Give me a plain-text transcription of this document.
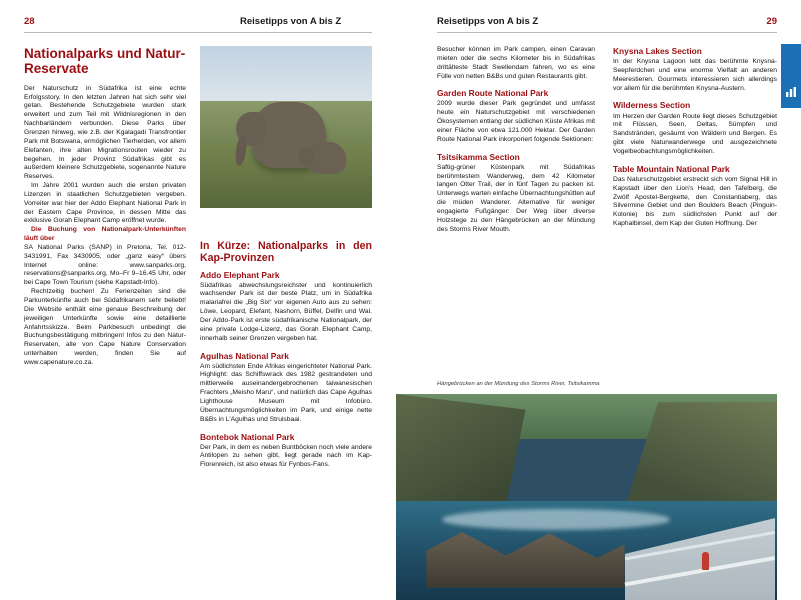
28	Reisetipps von A bis Z	Reisetipps von A bis Z	29
Nationalparks und Natur-Reservate

Der Naturschutz in Südafrika ist eine echte Erfolgsstory. In den letzten Jahren hat sich sehr viel getan. Bestehende Schutzgebiete wurden stark erweitert und zum Teil mit Wildnisregionen in den Nachbarländern verbunden. Diese Parks über Grenzen hinweg, wie z.B. der Kgalagadi Transfrontier Park mit Botswana, ermöglichen Tierherden, vor allem Elefanten, ihre alten Migrationsrouten wieder zu begehen. In jeder Provinz Südafrikas gibt es außerdem kleinere Schutzgebiete, sogenannte Nature Reserves.

Im Jahre 2001 wurden auch die ersten privaten Lizenzen in staatlichen Schutzgebieten vergeben. Vorreiter war hier der Addo Elephant National Park in der Eastern Cape Province, in dessen Mitte das exklusive Gorah Elephant Camp eröffnet wurde.

Die Buchung von Nationalpark-Unterkünften läuft über

SA National Parks (SANP) in Pretoria, Tel. 012-3431991, Fax 3430905, oder „ganz easy“ übers Internet online: www.sanparks.org, reservations@sanparks.org, Mo–Fr 9–16.45 Uhr, oder bei Cape Town Tourism (siehe Kapstadt-Info).

Rechtzeitig buchen! Zu Ferienzeiten sind die Parkunterkünfte auch bei Südafrikanern sehr beliebt! Die Website enthält eine genaue Beschreibung der jeweiligen Unterkünfte sowie eine detaillierte Anfahrtsskizze. Beim Parkbesuch unbedingt die Buchungsbestätigung mitbringen! Infos zu den Natur-Reservaten, alle von Cape Nature Conservation unterhalten werden, finden Sie auf www.capenature.co.za.

In Kürze: Nationalparks in den Kap-Provinzen
Addo Elephant Park

Südafrikas abwechslungsreichster und kontinuierlich wachsender Park ist der beste Platz, um in Südafrika malariafrei die „Big Six“ vor eigenen Auto aus zu sehen: Löwe, Leopard, Elefant, Nashorn, Büffel, Delfin und Wal. Der Addo-Park ist erste südafrikanische Nationalpark, der eine private Lodge-Lizenz, das Gorah Elephant Camp, innerhalb seiner Grenzen vergeben hat.

Agulhas National Park

Am südlichsten Ende Afrikas eingerichteter National Park. Highlight: das Schiffswrack des 1982 gestrandeten und mittlerweile auseinandergebrochenen taiwanesischen Frachters „Meisho Maru“, und natürlich das Cape Agulhas Lighthouse Museum mit Infobüro. Übernachtungsmöglichkeiten im Park, und einige nette B&Bs in L'Agulhas und Struisbaai.

Bontebok National Park

Der Park, in dem es neben Buntböcken noch viele andere Antilopen zu sehen gibt, liegt gerade nach im Kap-Florenreich, ist also etwas für Fynbos-Fans.

Besucher können im Park campen, einen Caravan mieten oder die sechs Kilometer bis in Südafrikas drittälteste Stadt Swellendam fahren, wo es eine Fülle von netten B&Bs und guten Restaurants gibt.

Garden Route National Park

2009 wurde dieser Park gegründet und umfasst heute ein Naturschutzgebiet mit verschiedenen Ökosystemen entlang der südlichen Küste Afrikas mit einer Fläche von etwa 121.000 Hektar. Der Garden Route National Park inkorporiert folgende Sektionen:

Tsitsikamma Section

Saftig-grüner Küstenpark mit Südafrikas berühmtestem Wanderweg, dem 42 Kilometer langen Otter Trail, der in fünf Tagen zu packen ist. Unterwegs warten einfache Übernachtungshütten auf die müden Wanderer. Alternative für weniger engagierte Fußgänger: Der Weg über diverse Holzstege zu den Hängebrücken an der Mündung des Storms River Mouth.

Knysna Lakes Section

In der Knysna Lagoon lebt das berühmte Knysna-Seepferdchen und eine enorme Vielfalt an anderen Meerestieren. Gourmets interessieren sich allerdings vor allem für die berühmten Knysna-Austern.

Wilderness Section

Im Herzen der Garden Route liegt dieses Schutzgebiet mit Flüssen, Seen, Deltas, Sümpfen und Sandstränden, gesäumt von Wäldern und Bergen. Es gibt viele Naturwanderwege und ausgezeichnete Vogelbeobachtungsmöglichkeiten.

Table Mountain National Park

Das Naturschutzgebiet erstreckt sich vom Signal Hill in Kapstadt über den Lion's Head, den Tafelberg, die Zwölf Apostel-Bergkette, den Constantiaberg, das Silvermine Gebiet und den Boulders Beach (Pinguin-Kolonie) bis zum südlichsten Punkt auf der Kaphalbinsel, dem Kap der Guten Hoffnung. Der

Hängebrücken an der Mündung des Storms River, Tsitsikamma
